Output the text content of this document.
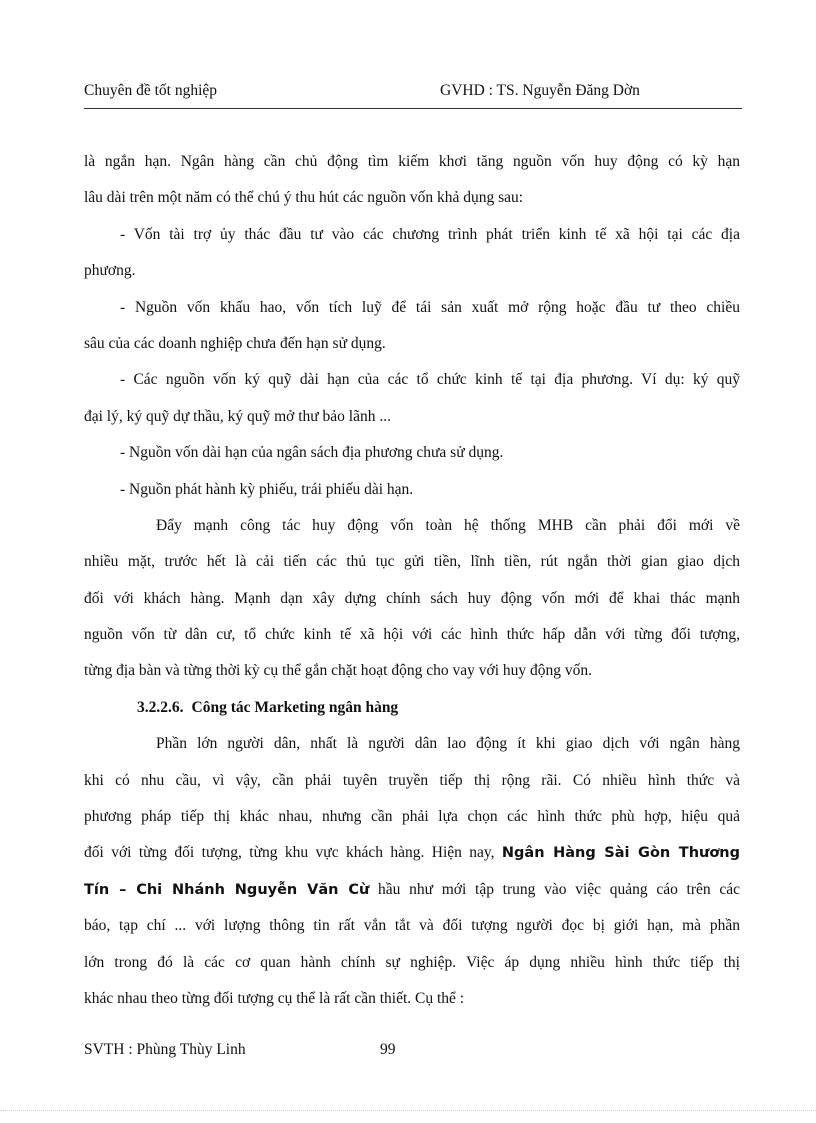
Chuyên đề tốt nghiệp	GVHD : TS. Nguyễn Đăng Dờn
là ngắn hạn. Ngân hàng cần chủ động tìm kiếm khơi tăng nguồn vốn huy động có kỳ hạn
lâu dài trên một năm có thể chú ý thu hút các nguồn vốn khả dụng sau:
- Vốn tài trợ ủy thác đầu tư vào các chương trình phát triển kinh tế xã hội tại các địa
phương.
- Nguồn vốn khấu hao, vốn tích luỹ để tái sản xuất mở rộng hoặc đầu tư theo chiều
sâu của các doanh nghiệp chưa đến hạn sử dụng.
- Các nguồn vốn ký quỹ dài hạn của các tổ chức kinh tế tại địa phương. Ví dụ: ký quỹ
đại lý, ký quỹ dự thầu, ký quỹ mở thư bảo lãnh ...
- Nguồn vốn dài hạn của ngân sách địa phương chưa sử dụng.
- Nguồn phát hành kỳ phiếu, trái phiếu dài hạn.
Đẩy mạnh công tác huy động vốn toàn hệ thống MHB cần phải đổi mới về
nhiều mặt, trước hết là cải tiến các thủ tục gửi tiền, lĩnh tiền, rút ngắn thời gian giao dịch
đối với khách hàng. Mạnh dạn xây dựng chính sách huy động vốn mới để khai thác mạnh
nguồn vốn từ dân cư, tổ chức kinh tế xã hội với các hình thức hấp dẫn với từng đối tượng,
từng địa bàn và từng thời kỳ cụ thể gắn chặt hoạt động cho vay với huy động vốn.
3.2.2.6. Công tác Marketing ngân hàng
Phần lớn người dân, nhất là người dân lao động ít khi giao dịch với ngân hàng
khi có nhu cầu, vì vậy, cần phải tuyên truyền tiếp thị rộng rãi. Có nhiều hình thức và
phương pháp tiếp thị khác nhau, nhưng cần phải lựa chọn các hình thức phù hợp, hiệu quả
đối với từng đối tượng, từng khu vực khách hàng. Hiện nay, Ngân Hàng Sài Gòn Thương
Tín – Chi Nhánh Nguyễn Văn Cừ hầu như mới tập trung vào việc quảng cáo trên các
báo, tạp chí ... với lượng thông tin rất vắn tắt và đối tượng người đọc bị giới hạn, mà phần
lớn trong đó là các cơ quan hành chính sự nghiệp. Việc áp dụng nhiều hình thức tiếp thị
khác nhau theo từng đối tượng cụ thể là rất cần thiết. Cụ thể :
SVTH : Phùng Thùy Linh	99
